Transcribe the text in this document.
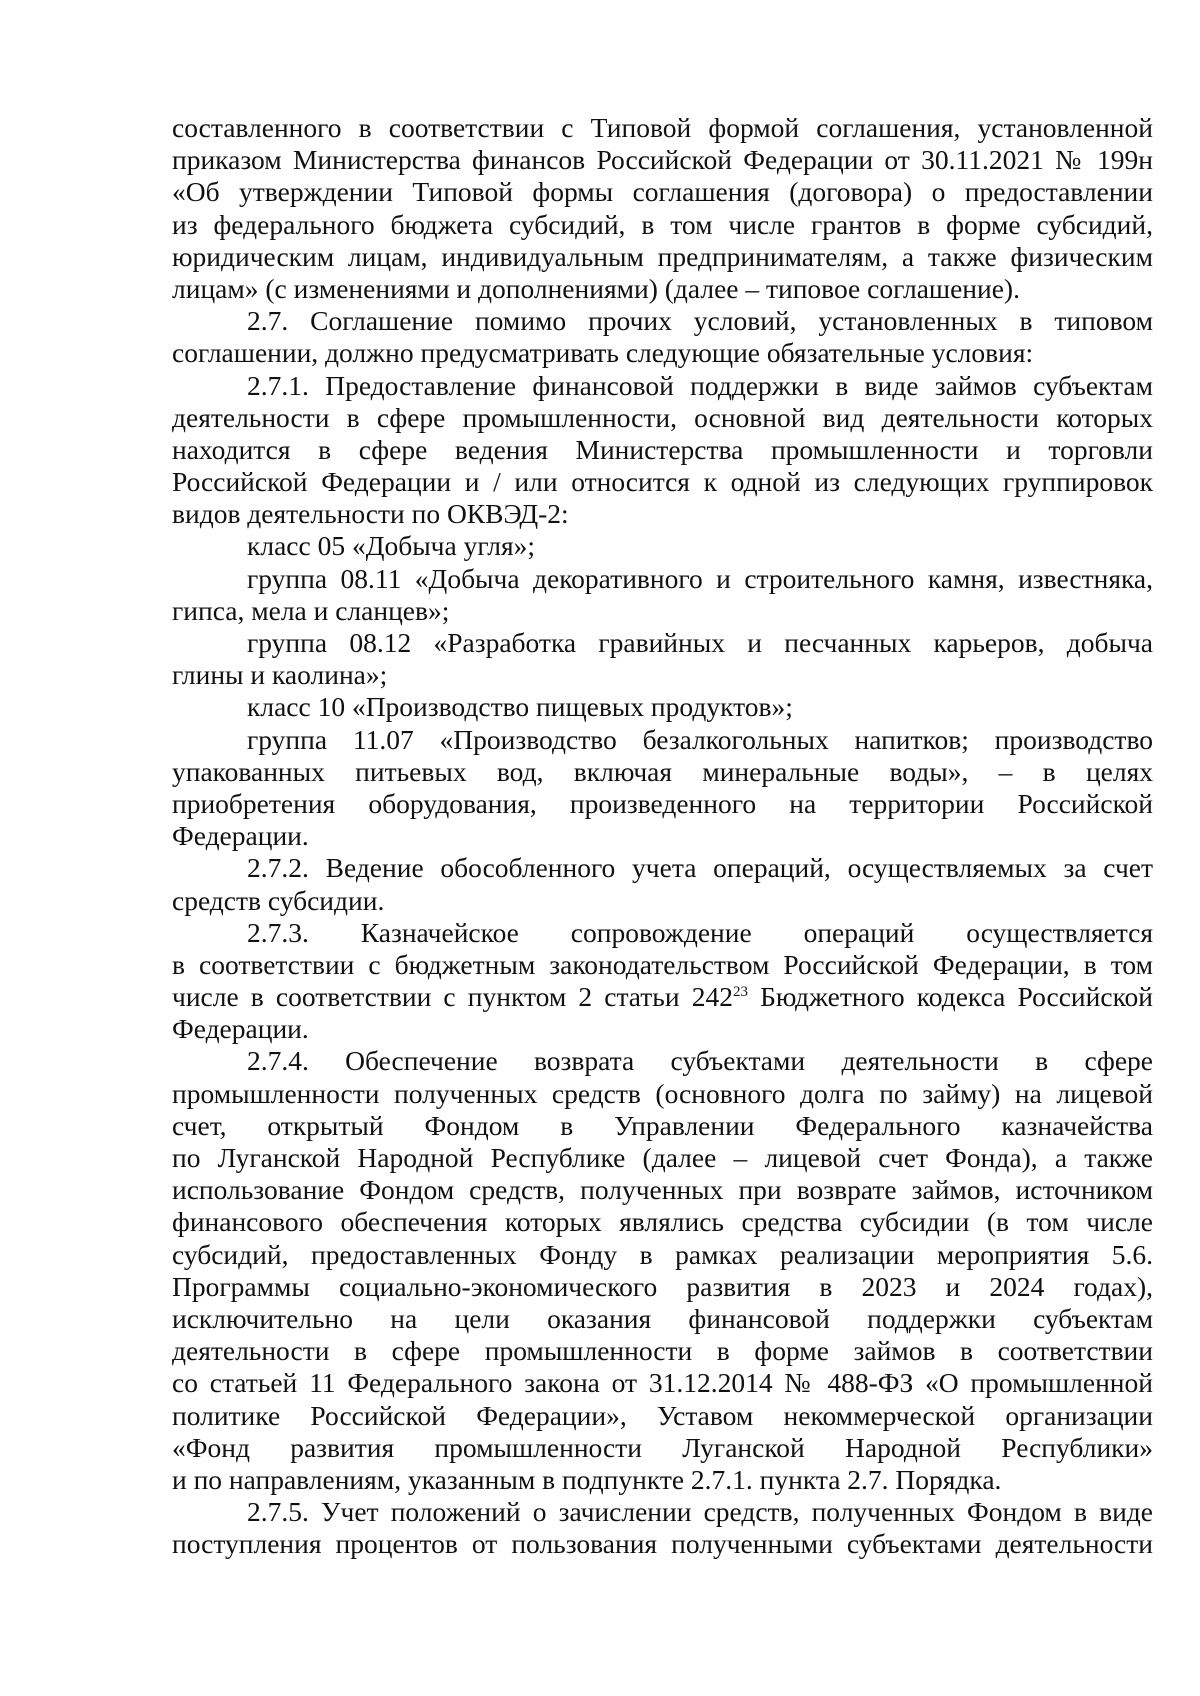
составленного в соответствии с Типовой формой соглашения, установленной
приказом Министерства финансов Российской Федерации от 30.11.2021 № 199н
«Об утверждении Типовой формы соглашения (договора) о предоставлении
из федерального бюджета субсидий, в том числе грантов в форме субсидий,
юридическим лицам, индивидуальным предпринимателям, а также физическим
лицам» (с изменениями и дополнениями) (далее – типовое соглашение).
2.7. Соглашение помимо прочих условий, установленных в типовом
соглашении, должно предусматривать следующие обязательные условия:
2.7.1. Предоставление финансовой поддержки в виде займов субъектам
деятельности в сфере промышленности, основной вид деятельности которых
находится в сфере ведения Министерства промышленности и торговли
Российской Федерации и / или относится к одной из следующих группировок
видов деятельности по ОКВЭД-2:
класс 05 «Добыча угля»;
группа 08.11 «Добыча декоративного и строительного камня, известняка,
гипса, мела и сланцев»;
группа 08.12 «Разработка гравийных и песчанных карьеров, добыча
глины и каолина»;
класс 10 «Производство пищевых продуктов»;
группа 11.07 «Производство безалкогольных напитков; производство
упакованных питьевых вод, включая минеральные воды», – в целях
приобретения оборудования, произведенного на территории Российской
Федерации.
2.7.2. Ведение обособленного учета операций, осуществляемых за счет
средств субсидии.
2.7.3. Казначейское сопровождение операций осуществляется
в соответствии с бюджетным законодательством Российской Федерации, в том
числе в соответствии с пунктом 2 статьи $242^{23}$ Бюджетного кодекса Российской
Федерации.
2.7.4. Обеспечение возврата субъектами деятельности в сфере
промышленности полученных средств (основного долга по займу) на лицевой
счет, открытый Фондом в Управлении Федерального казначейства
по Луганской Народной Республике (далее – лицевой счет Фонда), а также
использование Фондом средств, полученных при возврате займов, источником
финансового обеспечения которых являлись средства субсидии (в том числе
субсидий, предоставленных Фонду в рамках реализации мероприятия 5.6.
Программы социально-экономического развития в 2023 и 2024 годах),
исключительно на цели оказания финансовой поддержки субъектам
деятельности в сфере промышленности в форме займов в соответствии
со статьей 11 Федерального закона от 31.12.2014 № 488-ФЗ «О промышленной
политике Российской Федерации», Уставом некоммерческой организации
«Фонд развития промышленности Луганской Народной Республики»
и по направлениям, указанным в подпункте 2.7.1. пункта 2.7. Порядка.
2.7.5. Учет положений о зачислении средств, полученных Фондом в виде
поступления процентов от пользования полученными субъектами деятельности
